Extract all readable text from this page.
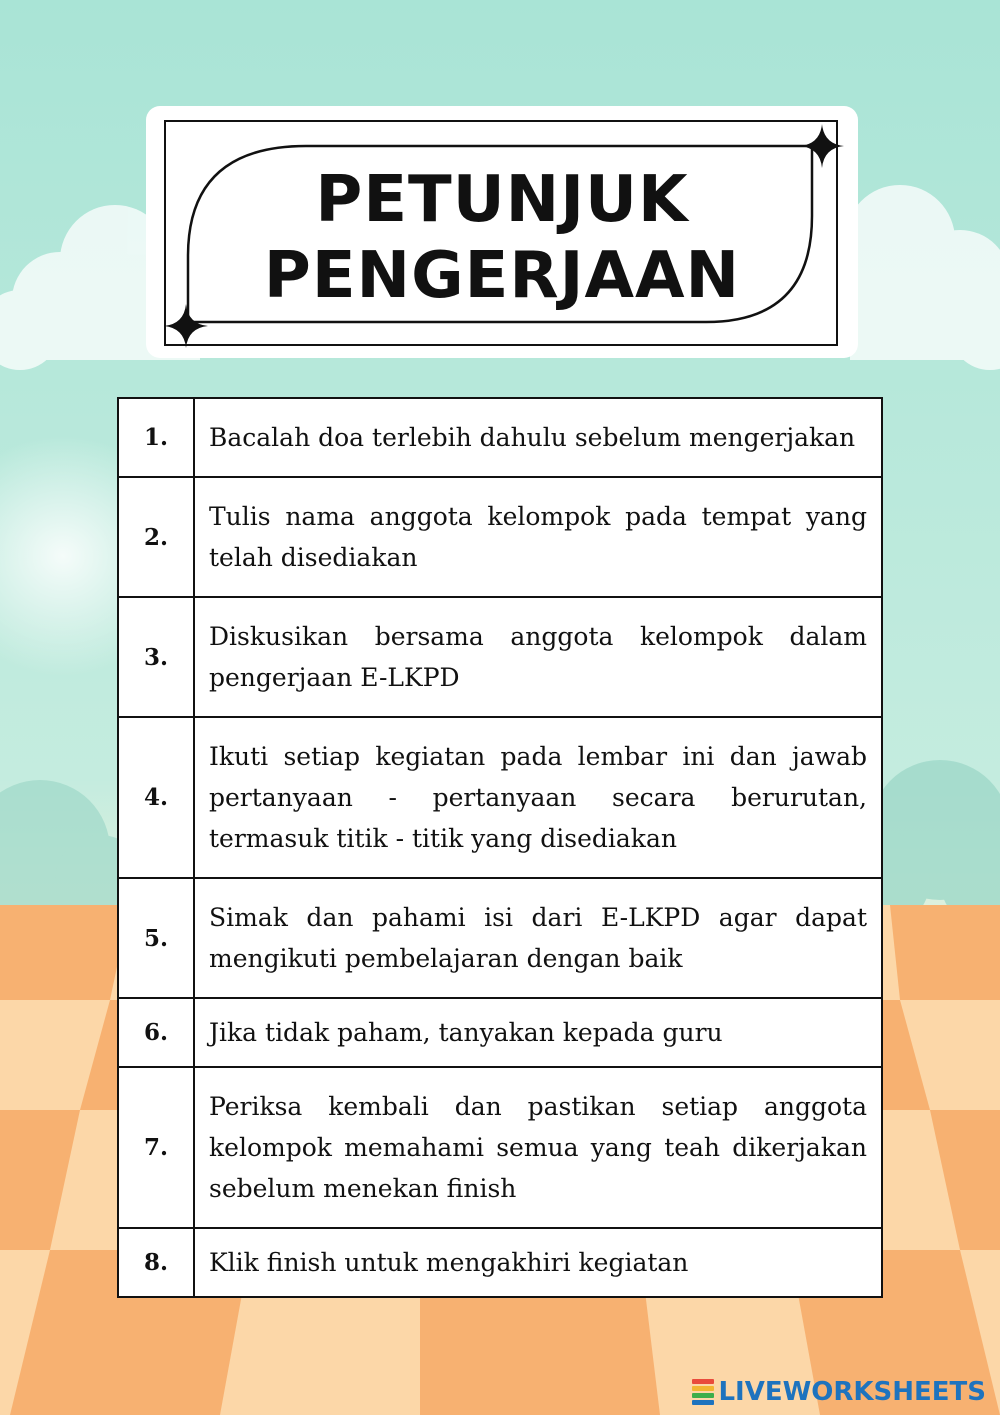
PETUNJUK
PENGERJAAN
1.	Bacalah doa terlebih dahulu sebelum mengerjakan
2.	Tulis nama anggota kelompok pada tempat yang telah disediakan
3.	Diskusikan bersama anggota kelompok dalam pengerjaan E-LKPD
4.	Ikuti setiap kegiatan pada lembar ini dan jawab pertanyaan - pertanyaan secara berurutan, termasuk titik - titik yang disediakan
5.	Simak dan pahami isi dari E-LKPD agar dapat mengikuti pembelajaran dengan baik
6.	Jika tidak paham, tanyakan kepada guru
7.	Periksa kembali dan pastikan setiap anggota kelompok memahami semua yang teah dikerjakan sebelum menekan finish
8.	Klik finish untuk mengakhiri kegiatan
LIVEWORKSHEETS
